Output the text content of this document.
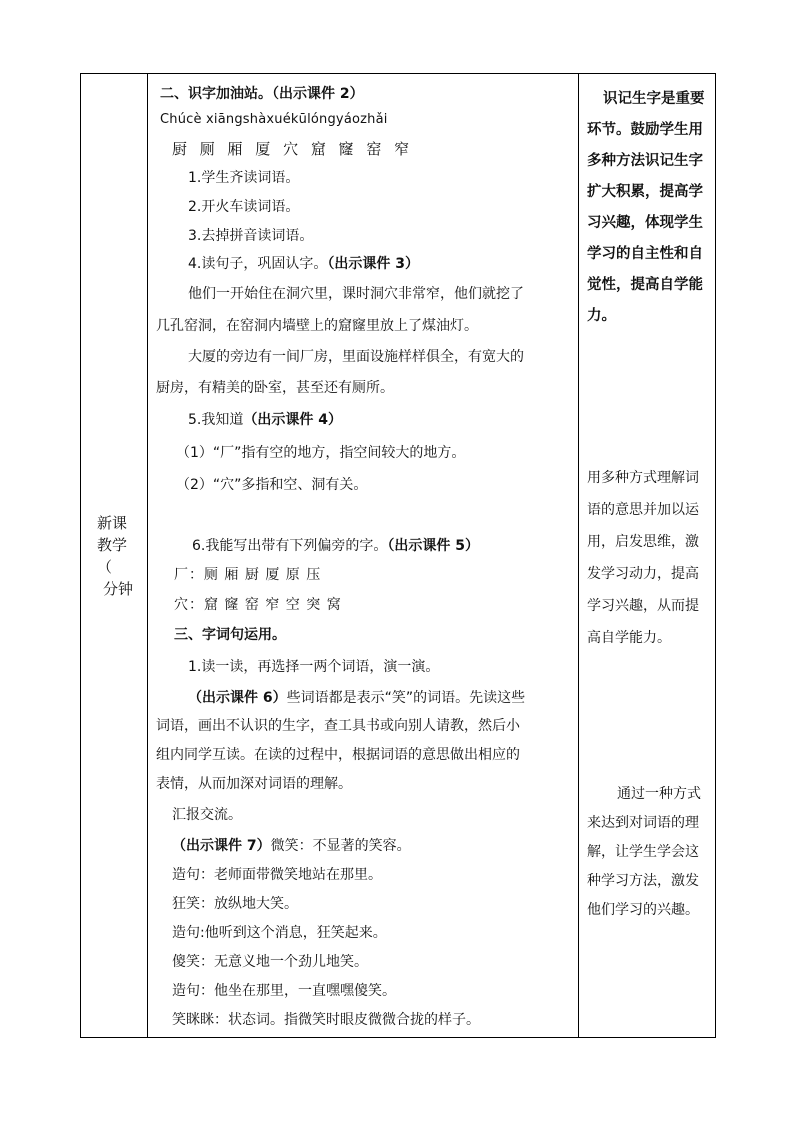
新课
教学
（
分钟

二、识字加油站。（出示课件 2）
Chúcè xiāngshàxuékūlóngyáozhǎi
厨 厕 厢 厦 穴 窟 窿 窑 窄
1.学生齐读词语。
2.开火车读词语。
3.去掉拼音读词语。
4.读句子，巩固认字。（出示课件 3）
他们一开始住在洞穴里，课时洞穴非常窄，他们就挖了
几孔窑洞，在窑洞内墙壁上的窟窿里放上了煤油灯。
大厦的旁边有一间厂房，里面设施样样俱全，有宽大的
厨房，有精美的卧室，甚至还有厕所。
5.我知道（出示课件 4）
（1）“厂”指有空的地方，指空间较大的地方。
（2）“穴”多指和空、洞有关。
6.我能写出带有下列偏旁的字。（出示课件 5）
厂：厕 厢 厨 厦 原 压
穴：窟 窿 窑 窄 空 突 窝
三、字词句运用。
1.读一读，再选择一两个词语，演一演。
（出示课件 6）些词语都是表示“笑”的词语。先读这些
词语，画出不认识的生字，查工具书或向别人请教，然后小
组内同学互读。在读的过程中，根据词语的意思做出相应的
表情，从而加深对词语的理解。
汇报交流。
（出示课件 7）微笑：不显著的笑容。
造句：老师面带微笑地站在那里。
狂笑：放纵地大笑。
造句:他听到这个消息，狂笑起来。
傻笑：无意义地一个劲儿地笑。
造句：他坐在那里，一直嘿嘿傻笑。
笑眯眯：状态词。指微笑时眼皮微微合拢的样子。

识记生字是重要
环节。鼓励学生用
多种方法识记生字
扩大积累，提高学
习兴趣，体现学生
学习的自主性和自
觉性，提高自学能
力。
用多种方式理解词
语的意思并加以运
用，启发思维，激
发学习动力，提高
学习兴趣，从而提
高自学能力。
通过一种方式
来达到对词语的理
解，让学生学会这
种学习方法，激发
他们学习的兴趣。
